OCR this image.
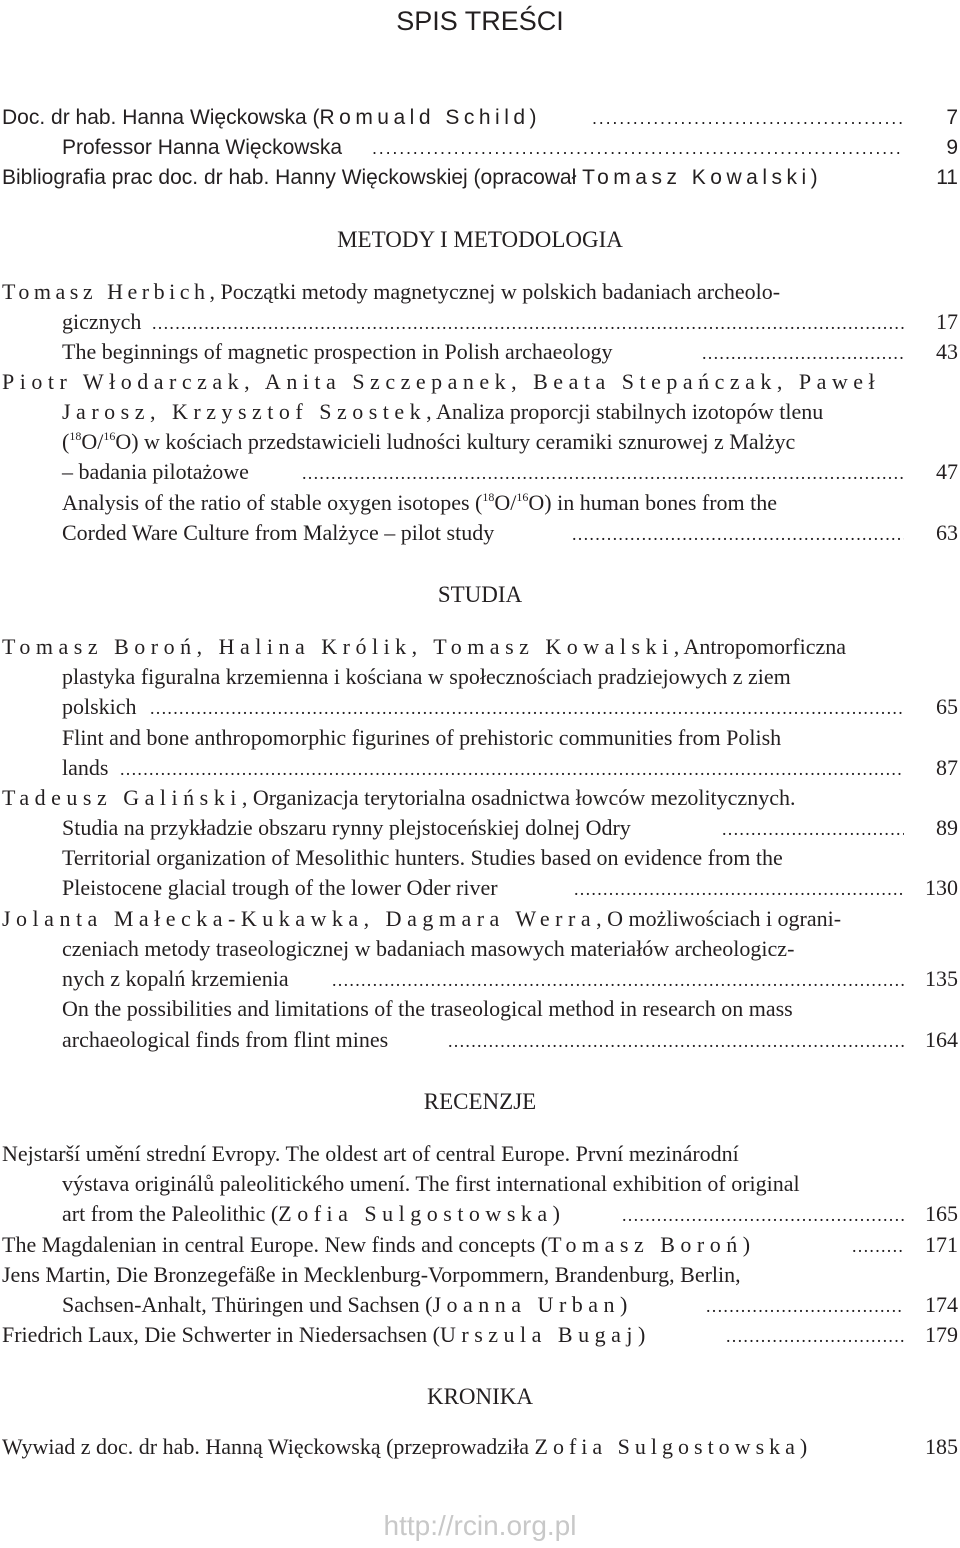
SPIS TREŚCI
Doc. dr hab. Hanna Więckowska (Romuald Schild) . . .	7
Professor Hanna Więckowska . . .	9
Bibliografia prac doc. dr hab. Hanny Więckowskiej (opracował Tomasz Kowalski)	11
METODY I METODOLOGIA
Tomasz Herbich, Początki metody magnetycznej w polskich badaniach archeolo-
gicznych . . .	17
The beginnings of magnetic prospection in Polish archaeology . . .	43
Piotr Włodarczak, Anita Szczepanek, Beata Stepańczak, Paweł
Jarosz, Krzysztof Szostek, Analiza proporcji stabilnych izotopów tlenu
($^{18}$O/$^{16}$O) w kościach przedstawicieli ludności kultury ceramiki sznurowej z Malżyc
– badania pilotażowe . . .	47
Analysis of the ratio of stable oxygen isotopes ($^{18}$O/$^{16}$O) in human bones from the
Corded Ware Culture from Malżyce – pilot study . . .	63
STUDIA
Tomasz Boroń, Halina Królik, Tomasz Kowalski, Antropomorficzna
plastyka figuralna krzemienna i kościana w społecznościach pradziejowych z ziem
polskich . . .	65
Flint and bone anthropomorphic figurines of prehistoric communities from Polish
lands . . .	87
Tadeusz Galiński, Organizacja terytorialna osadnictwa łowców mezolitycznych.
Studia na przykładzie obszaru rynny plejstoceńskiej dolnej Odry . . .	89
Territorial organization of Mesolithic hunters. Studies based on evidence from the
Pleistocene glacial trough of the lower Oder river . . .	130
Jolanta Małecka-Kukawka, Dagmara Werra, O możliwościach i ograni-
czeniach metody traseologicznej w badaniach masowych materiałów archeologicz-
nych z kopalń krzemienia . . .	135
On the possibilities and limitations of the traseological method in research on mass
archaeological finds from flint mines . . .	164
RECENZJE
Nejstarší umění strední Evropy. The oldest art of central Europe. První mezinárodní
výstava originálů paleolitického umení. The first international exhibition of original
art from the Paleolithic (Zofia Sulgostowska) . . .	165
The Magdalenian in central Europe. New finds and concepts (Tomasz Boroń) . . .	171
Jens Martin, Die Bronzegefäße in Mecklenburg-Vorpommern, Brandenburg, Berlin,
Sachsen-Anhalt, Thüringen und Sachsen (Joanna Urban) . . .	174
Friedrich Laux, Die Schwerter in Niedersachsen (Urszula Bugaj) . . .	179
KRONIKA
Wywiad z doc. dr hab. Hanną Więckowską (przeprowadziła Zofia Sulgostowska)	185
http://rcin.org.pl
